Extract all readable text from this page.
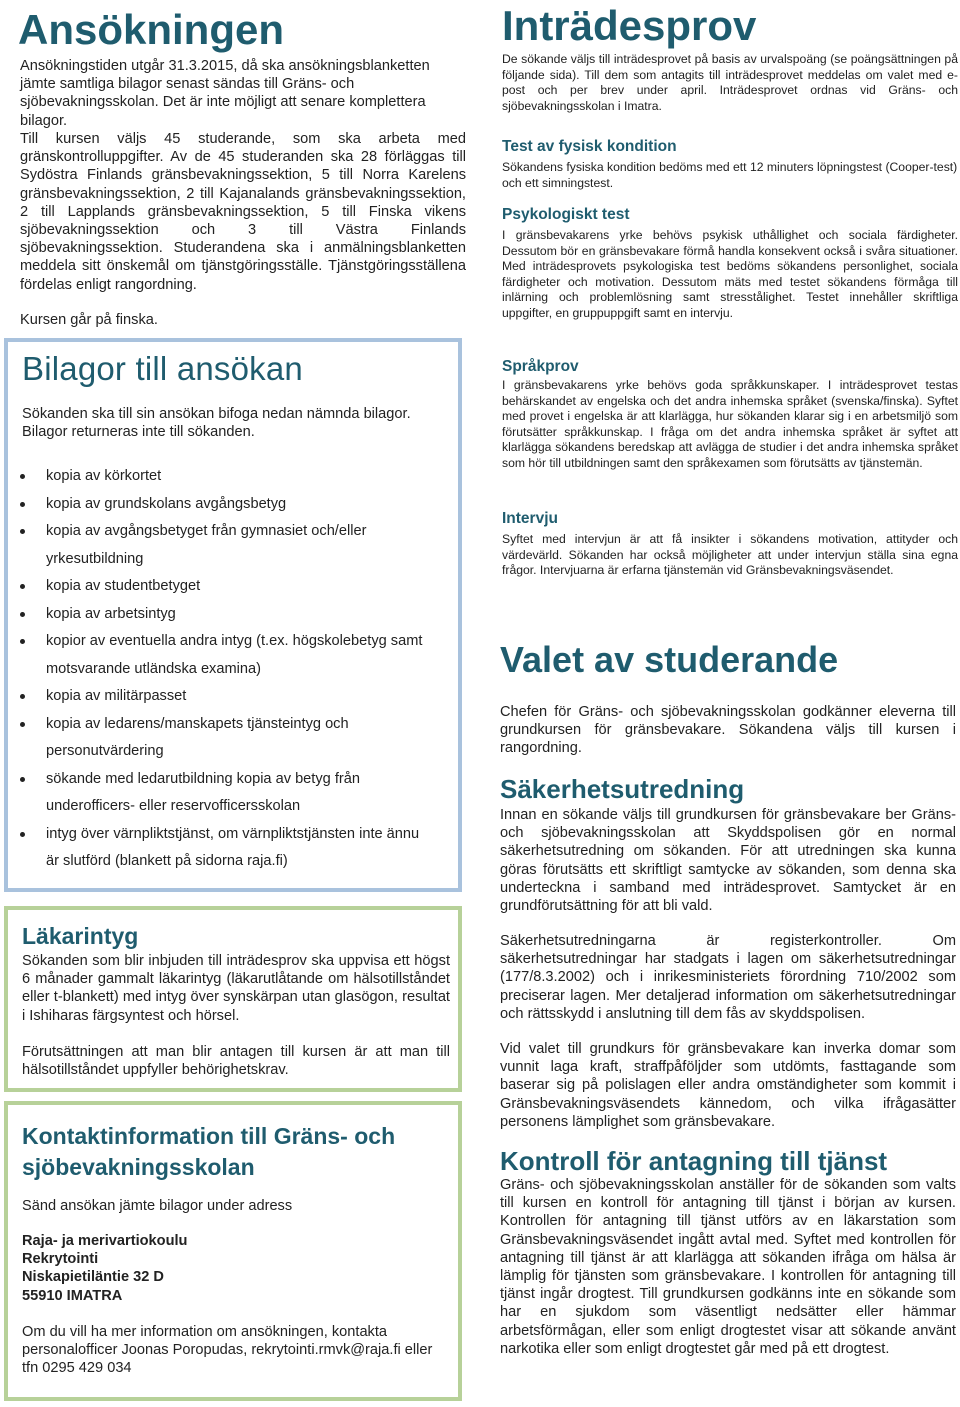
Ansökningen

Ansökningstiden utgår 31.3.2015, då ska ansökningsblanketten jämte samtliga bilagor senast sändas till Gräns- och sjöbevakningsskolan. Det är inte möjligt att senare komplettera bilagor.

Till kursen väljs 45 studerande, som ska arbeta med gränskontrolluppgifter. Av de 45 studeranden ska 28 förläggas till Sydöstra Finlands gränsbevakningssektion, 5 till Norra Karelens gränsbevakningssektion, 2 till Kajanalands gränsbevakningssektion, 2 till Lapplands gränsbevakningssektion, 5 till Finska vikens sjöbevakningssektion och 3 till Västra Finlands sjöbevakningssektion. Studerandena ska i anmälningsblanketten meddela sitt önskemål om tjänstgöringsställe. Tjänstgöringsställena fördelas enligt rangordning.

Kursen går på finska.

Bilagor till ansökan

Sökanden ska till sin ansökan bifoga nedan nämnda bilagor. Bilagor returneras inte till sökanden.

kopia av körkortet
kopia av grundskolans avgångsbetyg
kopia av avgångsbetyget från gymnasiet och/eller yrkesutbildning
kopia av studentbetyget
kopia av arbetsintyg
kopior av eventuella andra intyg (t.ex. högskolebetyg samt motsvarande utländska examina)
kopia av militärpasset
kopia av ledarens/manskapets tjänsteintyg och personutvärdering
sökande med ledarutbildning kopia av betyg från underofficers- eller reservofficersskolan
intyg över värnpliktstjänst, om värnpliktstjänsten inte ännu är slutförd (blankett på sidorna raja.fi)
Läkarintyg

Sökanden som blir inbjuden till inträdesprov ska uppvisa ett högst 6 månader gammalt läkarintyg (läkarutlåtande om hälsotillståndet eller t-blankett) med intyg över synskärpan utan glasögon, resultat i Ishiharas färgsyntest och hörsel.

Förutsättningen att man blir antagen till kursen är att man till hälsotillståndet uppfyller behörighetskrav.

Kontaktinformation till Gräns- och sjöbevakningsskolan

Sänd ansökan jämte bilagor under adress

Raja- ja merivartiokoulu

Rekrytointi

Niskapietiläntie 32 D

55910 IMATRA

Om du vill ha mer information om ansökningen, kontakta personalofficer Joonas Poropudas, rekrytointi.rmvk@raja.fi eller tfn 0295 429 034

Inträdesprov

De sökande väljs till inträdesprovet på basis av urvalspoäng (se poängsättningen på följande sida). Till dem som antagits till inträdesprovet meddelas om valet med e-post och per brev under april. Inträdesprovet ordnas vid Gräns- och sjöbevakningsskolan i Imatra.

Test av fysisk kondition

Sökandens fysiska kondition bedöms med ett 12 minuters löpningstest (Cooper-test) och ett simningstest.

Psykologiskt test

I gränsbevakarens yrke behövs psykisk uthållighet och sociala färdigheter. Dessutom bör en gränsbevakare förmå handla konsekvent också i svåra situationer. Med inträdesprovets psykologiska test bedöms sökandens personlighet, sociala färdigheter och motivation. Dessutom mäts med testet sökandens förmåga till inlärning och problemlösning samt stresstålighet. Testet innehåller skriftliga uppgifter, en gruppuppgift samt en intervju.

Språkprov

I gränsbevakarens yrke behövs goda språkkunskaper. I inträdesprovet testas behärskandet av engelska och det andra inhemska språket (svenska/finska). Syftet med provet i engelska är att klarlägga, hur sökanden klarar sig i en arbetsmiljö som förutsätter språkkunskap. I fråga om det andra inhemska språket är syftet att klarlägga sökandens beredskap att avlägga de studier i det andra inhemska språket som hör till utbildningen samt den språkexamen som förutsätts av tjänstemän.

Intervju

Syftet med intervjun är att få insikter i sökandens motivation, attityder och värdevärld. Sökanden har också möjligheter att under intervjun ställa sina egna frågor. Intervjuarna är erfarna tjänstemän vid Gränsbevakningsväsendet.

Valet av studerande

Chefen för Gräns- och sjöbevakningsskolan godkänner eleverna till grundkursen för gränsbevakare. Sökandena väljs till kursen i rangordning.

Säkerhetsutredning

Innan en sökande väljs till grundkursen för gränsbevakare ber Gräns- och sjöbevakningsskolan att Skyddspolisen gör en normal säkerhetsutredning om sökanden. För att utredningen ska kunna göras förutsätts ett skriftligt samtycke av sökanden, som denna ska underteckna i samband med inträdesprovet. Samtycket är en grundförutsättning för att bli vald.

Säkerhetsutredningarna är registerkontroller. Om säkerhetsutredningar har stadgats i lagen om säkerhetsutredningar (177/8.3.2002) och i inrikesministeriets förordning 710/2002 som preciserar lagen. Mer detaljerad information om säkerhetsutredningar och rättsskydd i anslutning till dem fås av skyddspolisen.

Vid valet till grundkurs för gränsbevakare kan inverka domar som vunnit laga kraft, straffpåföljder som utdömts, fasttagande som baserar sig på polislagen eller andra omständigheter som kommit i Gränsbevakningsväsendets kännedom, och vilka ifrågasätter personens lämplighet som gränsbevakare.

Kontroll för antagning till tjänst

Gräns- och sjöbevakningsskolan anställer för de sökanden som valts till kursen en kontroll för antagning till tjänst i början av kursen. Kontrollen för antagning till tjänst utförs av en läkarstation som Gränsbevakningsväsendet ingått avtal med. Syftet med kontrollen för antagning till tjänst är att klarlägga att sökanden ifråga om hälsa är lämplig för tjänsten som gränsbevakare. I kontrollen för antagning till tjänst ingår drogtest. Till grundkursen godkänns inte en sökande som har en sjukdom som väsentligt nedsätter eller hämmar arbetsförmågan, eller som enligt drogtestet visar att sökande använt narkotika eller som enligt drogtestet går med på ett drogtest.
